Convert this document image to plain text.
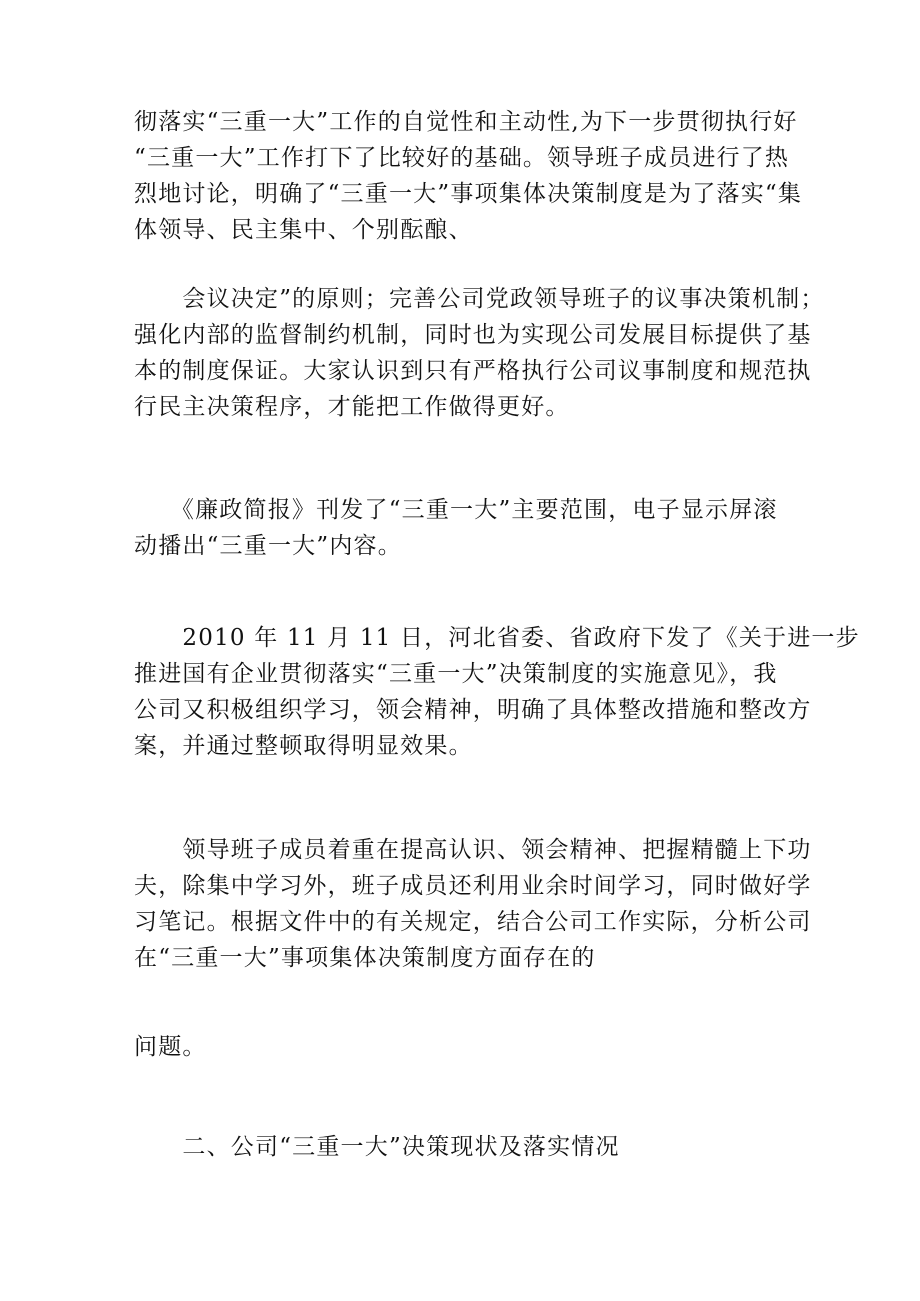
彻落实“三重一大”工作的自觉性和主动性,为下一步贯彻执行好
“三重一大”工作打下了比较好的基础。领导班子成员进行了热
烈地讨论，明确了“三重一大”事项集体决策制度是为了落实“集
体领导、民主集中、个别酝酿、
　　会议决定”的原则；完善公司党政领导班子的议事决策机制；
强化内部的监督制约机制，同时也为实现公司发展目标提供了基
本的制度保证。大家认识到只有严格执行公司议事制度和规范执
行民主决策程序，才能把工作做得更好。
　　《廉政简报》刊发了“三重一大”主要范围，电子显示屏滚
动播出“三重一大”内容。
　　2010 年 11 月 11 日，河北省委、省政府下发了《关于进一步
推进国有企业贯彻落实“三重一大”决策制度的实施意见》，我
公司又积极组织学习，领会精神，明确了具体整改措施和整改方
案，并通过整顿取得明显效果。
　　领导班子成员着重在提高认识、领会精神、把握精髓上下功
夫，除集中学习外，班子成员还利用业余时间学习，同时做好学
习笔记。根据文件中的有关规定，结合公司工作实际，分析公司
在“三重一大”事项集体决策制度方面存在的
问题。
　　二、公司“三重一大”决策现状及落实情况
